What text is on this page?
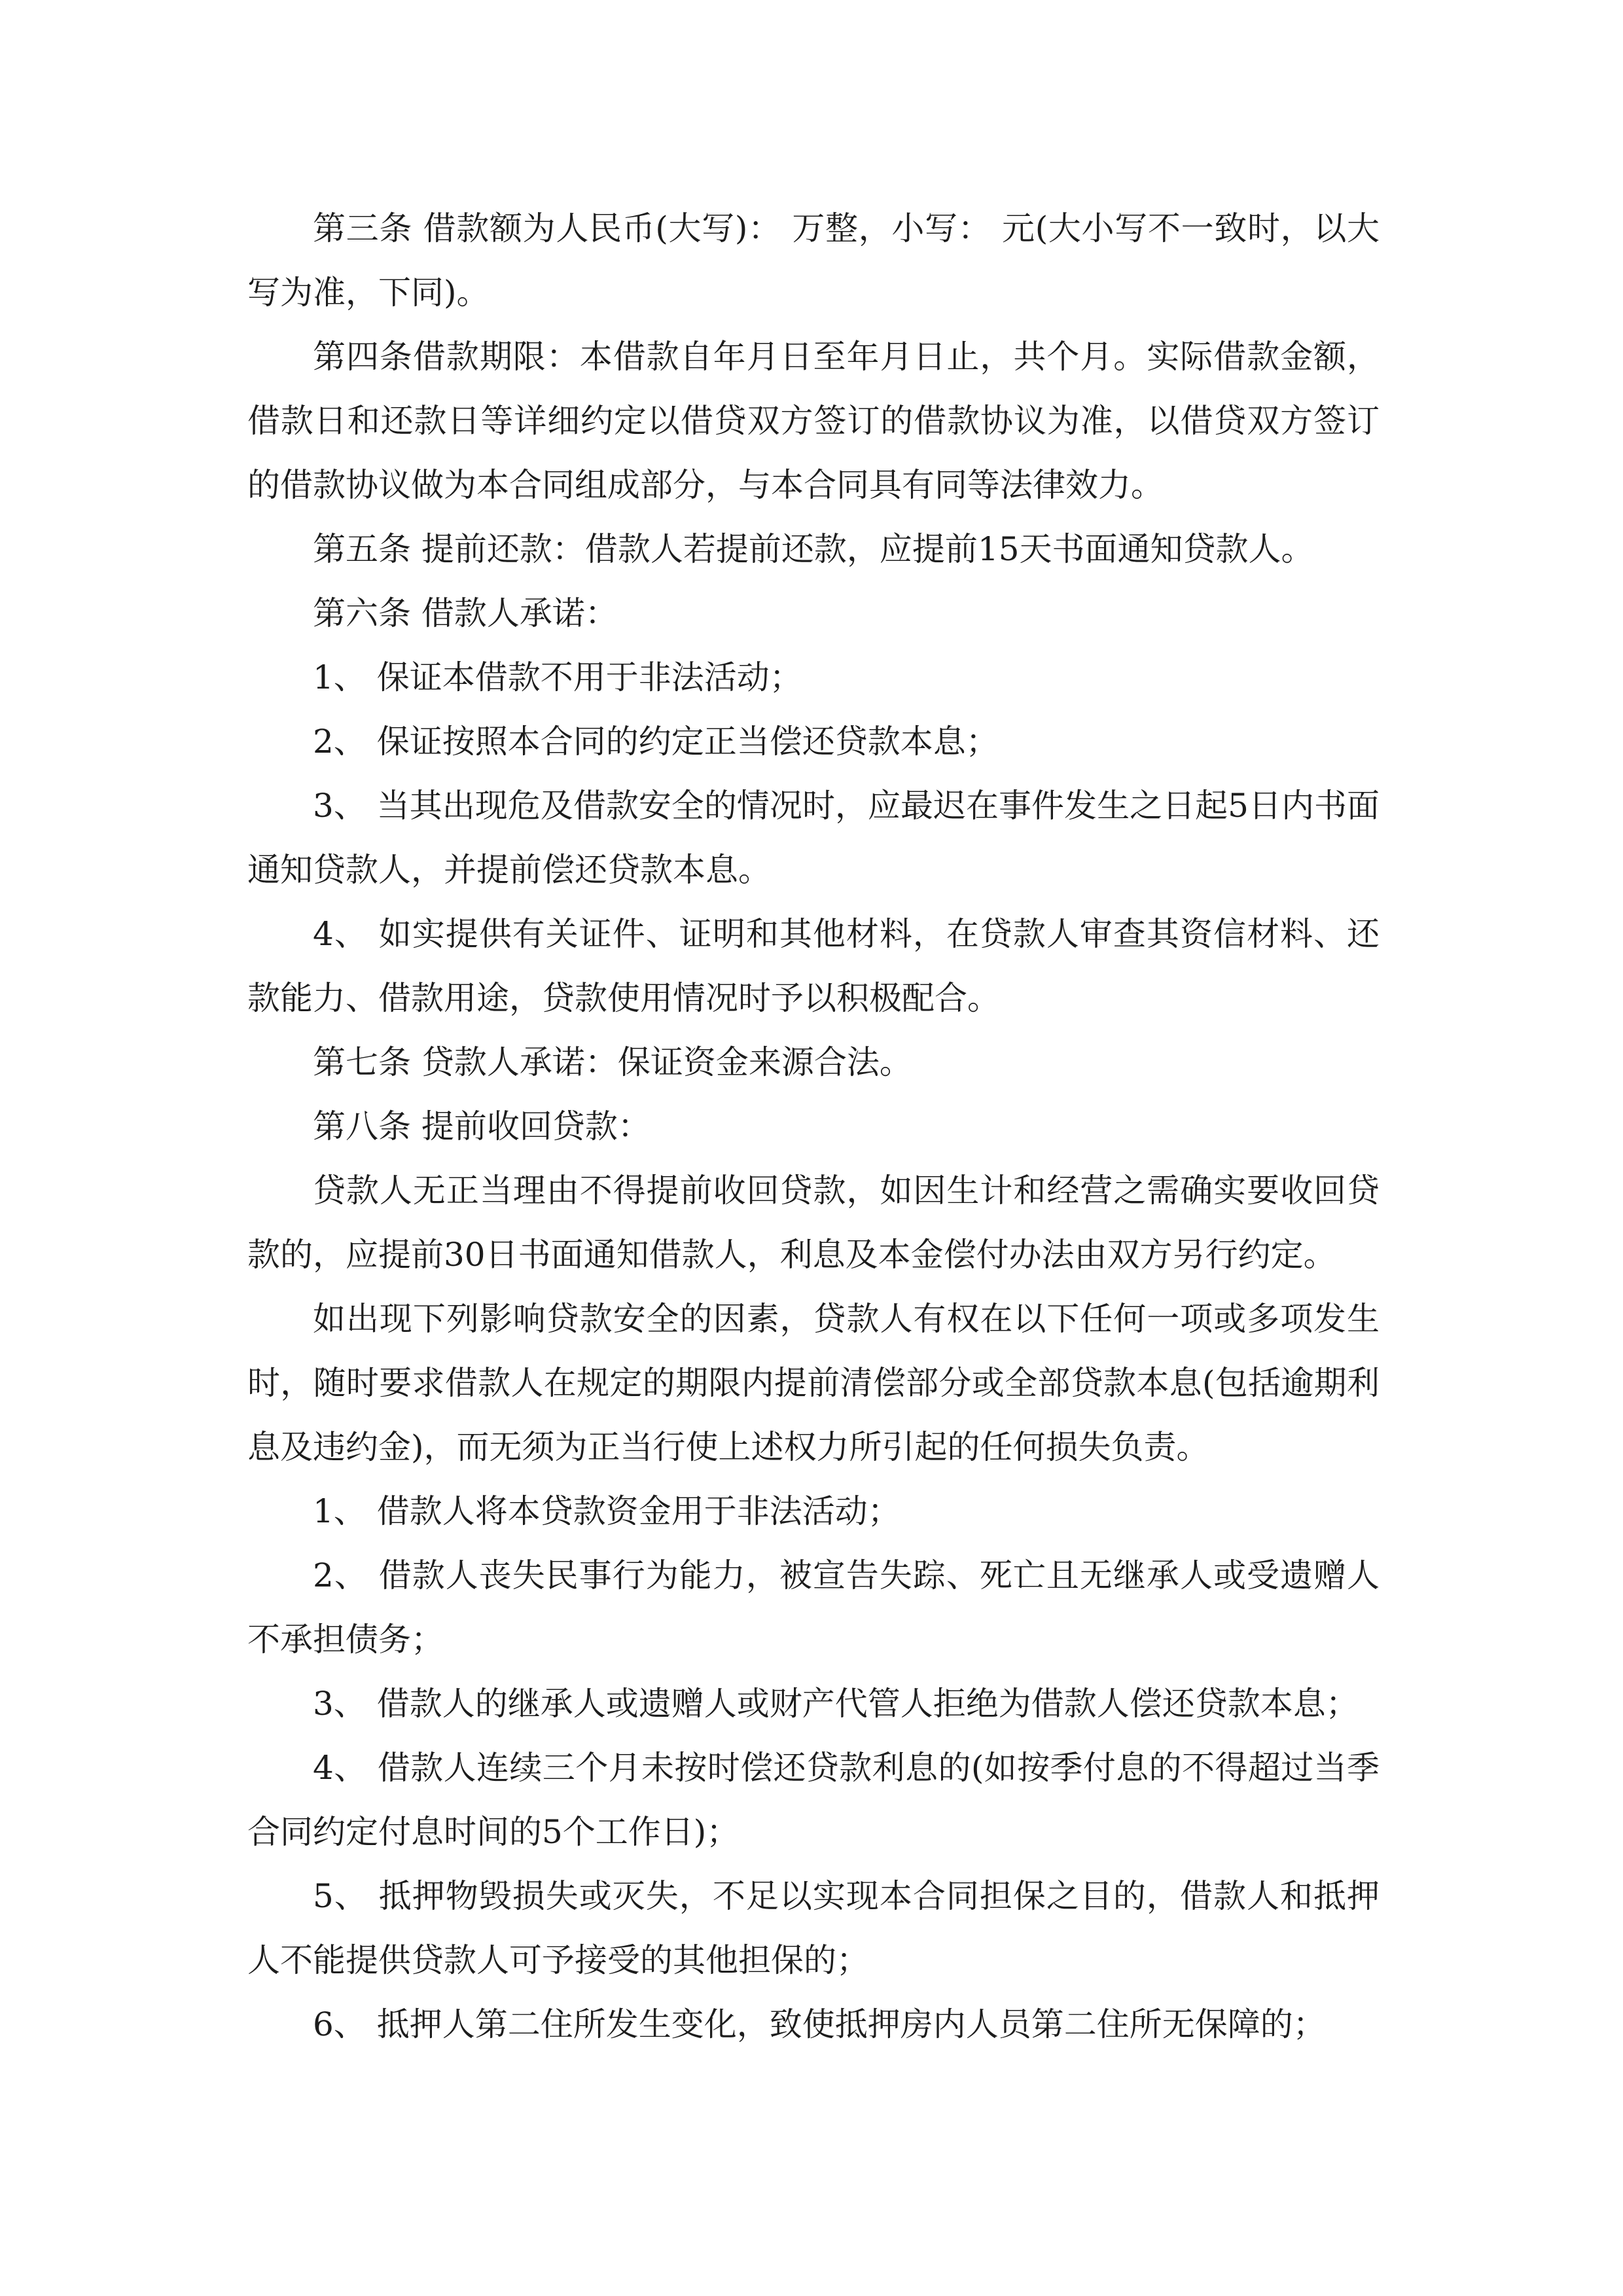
第三条 借款额为人民币(大写)： 万整，小写： 元(大小写不一致时，以大写为准，下同)。

第四条借款期限：本借款自年月日至年月日止，共个月。实际借款金额，借款日和还款日等详细约定以借贷双方签订的借款协议为准，以借贷双方签订的借款协议做为本合同组成部分，与本合同具有同等法律效力。

第五条 提前还款：借款人若提前还款，应提前15天书面通知贷款人。

第六条 借款人承诺：

1、 保证本借款不用于非法活动；

2、 保证按照本合同的约定正当偿还贷款本息；

3、 当其出现危及借款安全的情况时，应最迟在事件发生之日起5日内书面通知贷款人，并提前偿还贷款本息。

4、 如实提供有关证件、证明和其他材料，在贷款人审查其资信材料、还款能力、借款用途，贷款使用情况时予以积极配合。

第七条 贷款人承诺：保证资金来源合法。

第八条 提前收回贷款：

贷款人无正当理由不得提前收回贷款，如因生计和经营之需确实要收回贷款的，应提前30日书面通知借款人，利息及本金偿付办法由双方另行约定。

如出现下列影响贷款安全的因素，贷款人有权在以下任何一项或多项发生时，随时要求借款人在规定的期限内提前清偿部分或全部贷款本息(包括逾期利息及违约金)，而无须为正当行使上述权力所引起的任何损失负责。

1、 借款人将本贷款资金用于非法活动；

2、 借款人丧失民事行为能力，被宣告失踪、死亡且无继承人或受遗赠人不承担债务；

3、 借款人的继承人或遗赠人或财产代管人拒绝为借款人偿还贷款本息；

4、 借款人连续三个月未按时偿还贷款利息的(如按季付息的不得超过当季合同约定付息时间的5个工作日)；

5、 抵押物毁损失或灭失，不足以实现本合同担保之目的，借款人和抵押人不能提供贷款人可予接受的其他担保的；

6、 抵押人第二住所发生变化，致使抵押房内人员第二住所无保障的；
